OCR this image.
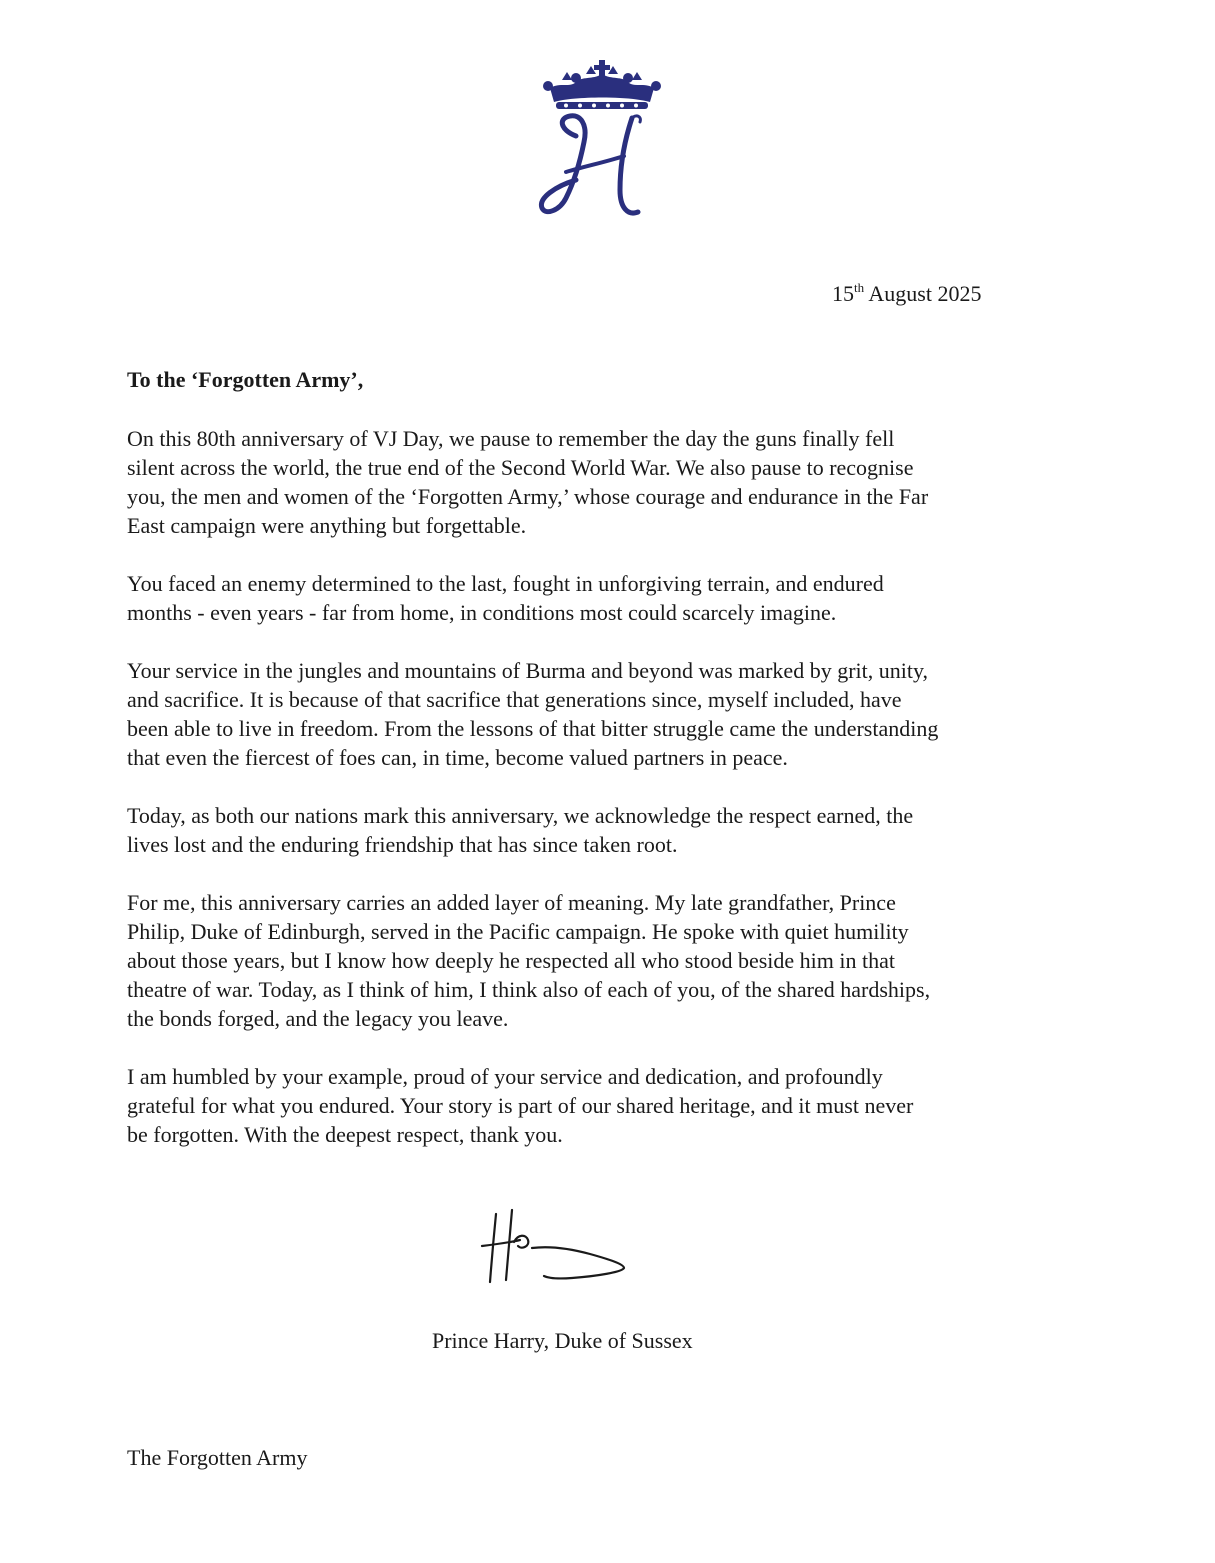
15th August 2025
To the ‘Forgotten Army’,
On this 80th anniversary of VJ Day, we pause to remember the day the guns finally fell
silent across the world, the true end of the Second World War. We also pause to recognise
you, the men and women of the ‘Forgotten Army,’ whose courage and endurance in the Far
East campaign were anything but forgettable.
You faced an enemy determined to the last, fought in unforgiving terrain, and endured
months - even years - far from home, in conditions most could scarcely imagine.
Your service in the jungles and mountains of Burma and beyond was marked by grit, unity,
and sacrifice. It is because of that sacrifice that generations since, myself included, have
been able to live in freedom. From the lessons of that bitter struggle came the understanding
that even the fiercest of foes can, in time, become valued partners in peace.
Today, as both our nations mark this anniversary, we acknowledge the respect earned, the
lives lost and the enduring friendship that has since taken root.
For me, this anniversary carries an added layer of meaning. My late grandfather, Prince
Philip, Duke of Edinburgh, served in the Pacific campaign. He spoke with quiet humility
about those years, but I know how deeply he respected all who stood beside him in that
theatre of war. Today, as I think of him, I think also of each of you, of the shared hardships,
the bonds forged, and the legacy you leave.
I am humbled by your example, proud of your service and dedication, and profoundly
grateful for what you endured. Your story is part of our shared heritage, and it must never
be forgotten. With the deepest respect, thank you.
Prince Harry, Duke of Sussex
The Forgotten Army
